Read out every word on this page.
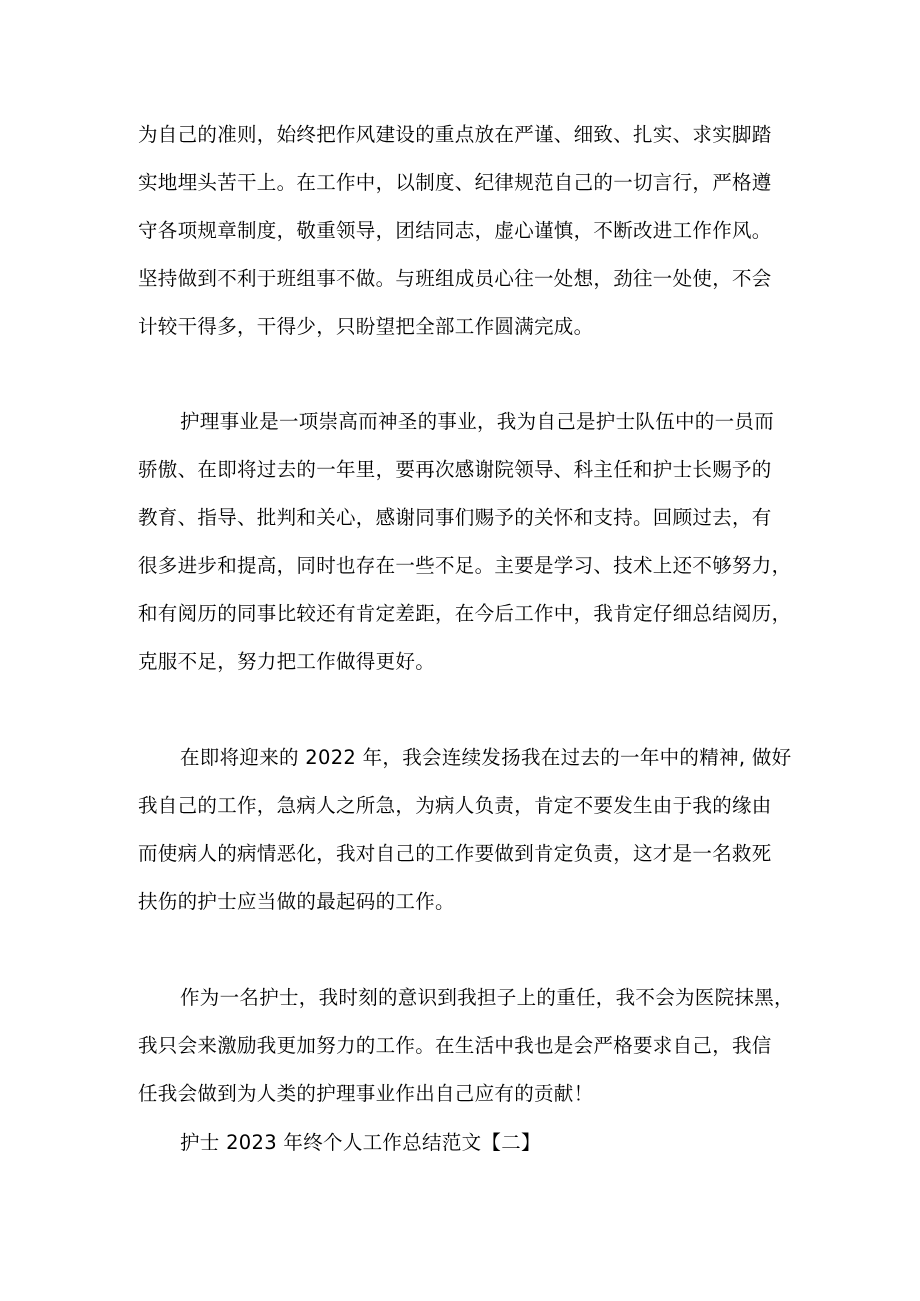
为自己的准则，始终把作风建设的重点放在严谨、细致、扎实、求实脚踏

实地埋头苦干上。在工作中，以制度、纪律规范自己的一切言行，严格遵

守各项规章制度，敬重领导，团结同志，虚心谨慎，不断改进工作作风。

坚持做到不利于班组事不做。与班组成员心往一处想，劲往一处使，不会

计较干得多，干得少，只盼望把全部工作圆满完成。

护理事业是一项崇高而神圣的事业，我为自己是护士队伍中的一员而

骄傲、在即将过去的一年里，要再次感谢院领导、科主任和护士长赐予的

教育、指导、批判和关心，感谢同事们赐予的关怀和支持。回顾过去，有

很多进步和提高，同时也存在一些不足。主要是学习、技术上还不够努力，

和有阅历的同事比较还有肯定差距，在今后工作中，我肯定仔细总结阅历，

克服不足，努力把工作做得更好。

在即将迎来的 2022 年，我会连续发扬我在过去的一年中的精神, 做好

我自己的工作，急病人之所急，为病人负责，肯定不要发生由于我的缘由

而使病人的病情恶化，我对自己的工作要做到肯定负责，这才是一名救死

扶伤的护士应当做的最起码的工作。

作为一名护士，我时刻的意识到我担子上的重任，我不会为医院抹黑，

我只会来激励我更加努力的工作。在生活中我也是会严格要求自己，我信

任我会做到为人类的护理事业作出自己应有的贡献！

护士 2023 年终个人工作总结范文【二】
